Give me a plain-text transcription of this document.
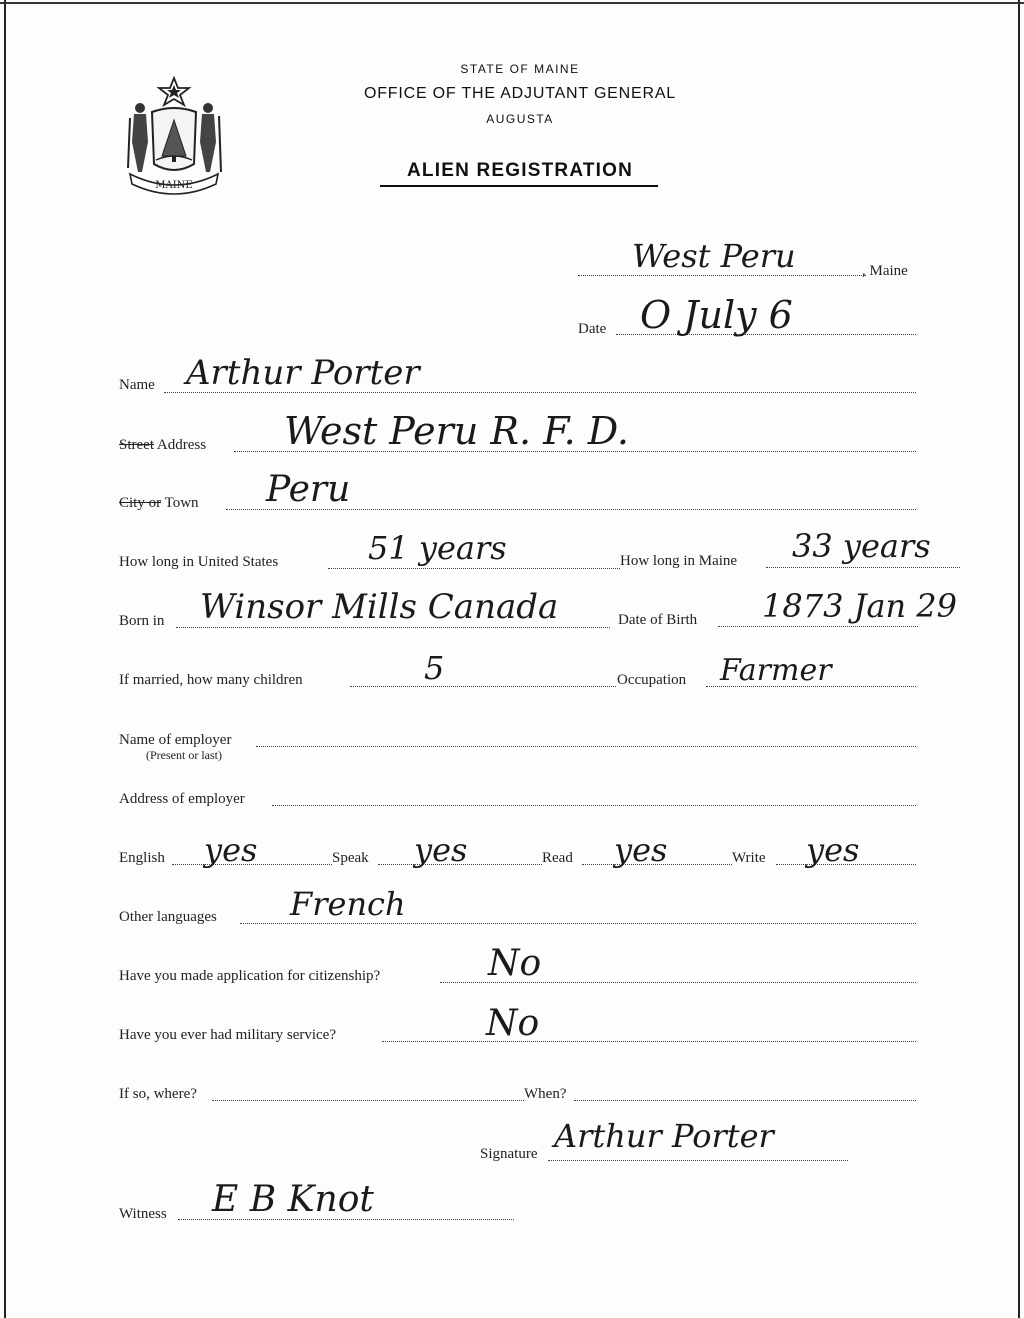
MAINE
STATE OF MAINE
OFFICE OF THE ADJUTANT GENERAL
AUGUSTA
ALIEN REGISTRATION
West Peru	, Maine
Date O July 6
Name Arthur Porter
Street Address West Peru R. F. D.
City or Town Peru
How long in United States	51 years	How long in Maine 33 years
Born in Winsor Mills Canada	Date of Birth 1873 Jan 29
If married, how many children	5	Occupation Farmer
Name of employer
(Present or last)
Address of employer
English yes	Speak yes	Read yes	Write yes
Other languages French
Have you made application for citizenship?	No
Have you ever had military service?	No
If so, where?	When?
Signature Arthur Porter
Witness E B Knot
